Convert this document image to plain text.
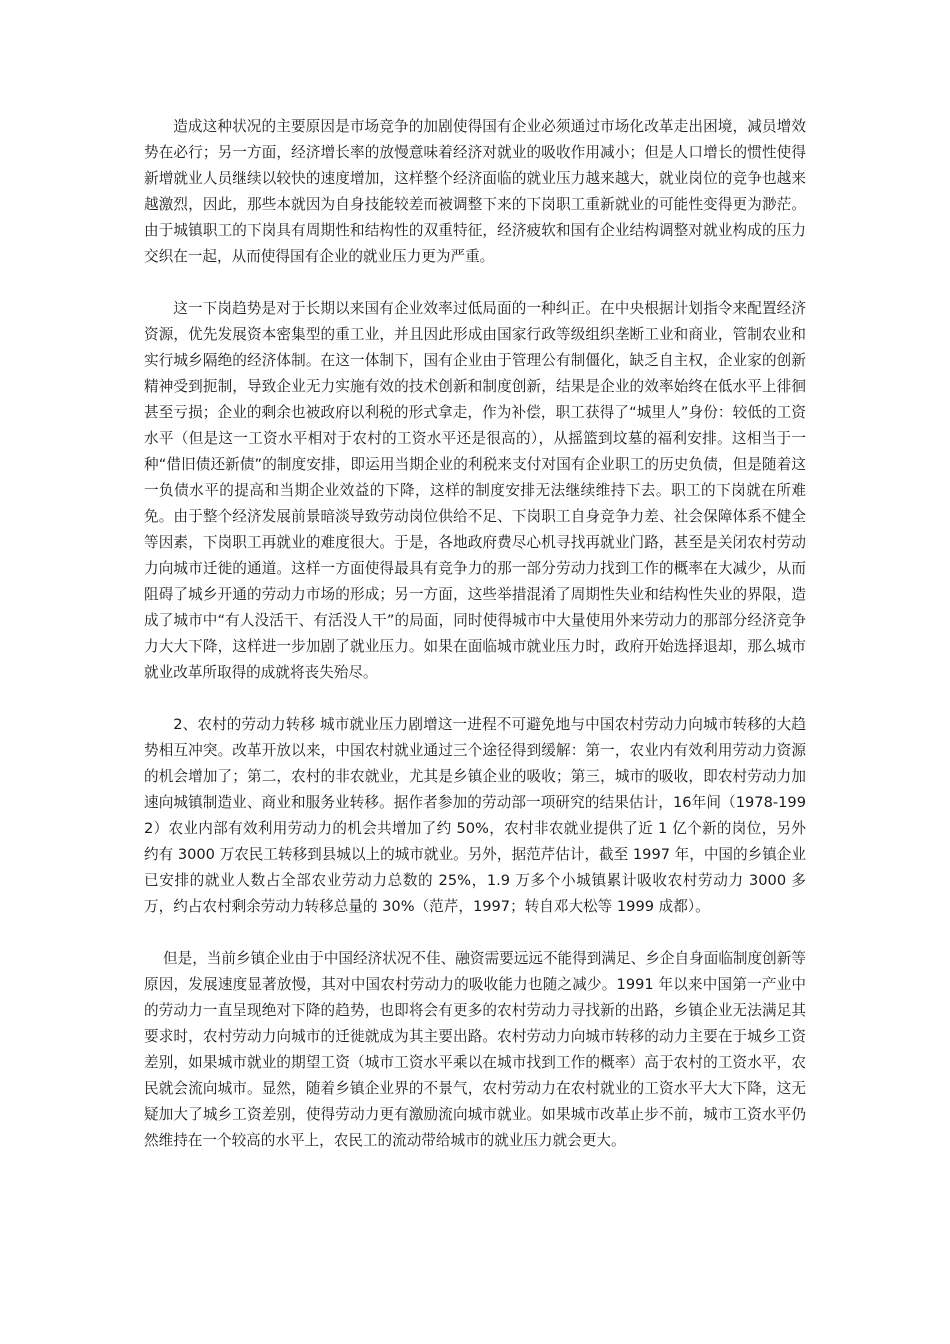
造成这种状况的主要原因是市场竞争的加剧使得国有企业必须通过市场化改革走出困境，减员增效势在必行；另一方面，经济增长率的放慢意味着经济对就业的吸收作用减小；但是人口增长的惯性使得新增就业人员继续以较快的速度增加，这样整个经济面临的就业压力越来越大，就业岗位的竞争也越来越激烈，因此，那些本就因为自身技能较差而被调整下来的下岗职工重新就业的可能性变得更为渺茫。由于城镇职工的下岗具有周期性和结构性的双重特征，经济疲软和国有企业结构调整对就业构成的压力交织在一起，从而使得国有企业的就业压力更为严重。

这一下岗趋势是对于长期以来国有企业效率过低局面的一种纠正。在中央根据计划指令来配置经济资源，优先发展资本密集型的重工业，并且因此形成由国家行政等级组织垄断工业和商业，管制农业和实行城乡隔绝的经济体制。在这一体制下，国有企业由于管理公有制僵化，缺乏自主权，企业家的创新精神受到扼制，导致企业无力实施有效的技术创新和制度创新，结果是企业的效率始终在低水平上徘徊甚至亏损；企业的剩余也被政府以利税的形式拿走，作为补偿，职工获得了“城里人”身份：较低的工资水平（但是这一工资水平相对于农村的工资水平还是很高的），从摇篮到坟墓的福利安排。这相当于一种“借旧债还新债”的制度安排，即运用当期企业的利税来支付对国有企业职工的历史负债，但是随着这一负债水平的提高和当期企业效益的下降，这样的制度安排无法继续维持下去。职工的下岗就在所难免。由于整个经济发展前景暗淡导致劳动岗位供给不足、下岗职工自身竞争力差、社会保障体系不健全等因素，下岗职工再就业的难度很大。于是，各地政府费尽心机寻找再就业门路，甚至是关闭农村劳动力向城市迁徙的通道。这样一方面使得最具有竞争力的那一部分劳动力找到工作的概率在大减少，从而阻碍了城乡开通的劳动力市场的形成；另一方面，这些举措混淆了周期性失业和结构性失业的界限，造成了城市中“有人没活干、有活没人干”的局面，同时使得城市中大量使用外来劳动力的那部分经济竞争力大大下降，这样进一步加剧了就业压力。如果在面临城市就业压力时，政府开始选择退却，那么城市就业改革所取得的成就将丧失殆尽。

2、农村的劳动力转移 城市就业压力剧增这一进程不可避免地与中国农村劳动力向城市转移的大趋势相互冲突。改革开放以来，中国农村就业通过三个途径得到缓解：第一，农业内有效利用劳动力资源的机会增加了；第二，农村的非农就业，尤其是乡镇企业的吸收；第三，城市的吸收，即农村劳动力加速向城镇制造业、商业和服务业转移。据作者参加的劳动部一项研究的结果估计，16年间（1978-1992）农业内部有效利用劳动力的机会共增加了约 50%，农村非农就业提供了近 1 亿个新的岗位，另外约有 3000 万农民工转移到县城以上的城市就业。另外，据范芹估计，截至 1997 年，中国的乡镇企业已安排的就业人数占全部农业劳动力总数的 25%，1.9 万多个小城镇累计吸收农村劳动力 3000 多万，约占农村剩余劳动力转移总量的 30%（范芹，1997；转自邓大松等 1999 成都）。

但是，当前乡镇企业由于中国经济状况不佳、融资需要远远不能得到满足、乡企自身面临制度创新等原因，发展速度显著放慢，其对中国农村劳动力的吸收能力也随之减少。1991 年以来中国第一产业中的劳动力一直呈现绝对下降的趋势，也即将会有更多的农村劳动力寻找新的出路，乡镇企业无法满足其要求时，农村劳动力向城市的迁徙就成为其主要出路。农村劳动力向城市转移的动力主要在于城乡工资差别，如果城市就业的期望工资（城市工资水平乘以在城市找到工作的概率）高于农村的工资水平，农民就会流向城市。显然，随着乡镇企业界的不景气，农村劳动力在农村就业的工资水平大大下降，这无疑加大了城乡工资差别，使得劳动力更有激励流向城市就业。如果城市改革止步不前，城市工资水平仍然维持在一个较高的水平上，农民工的流动带给城市的就业压力就会更大。
